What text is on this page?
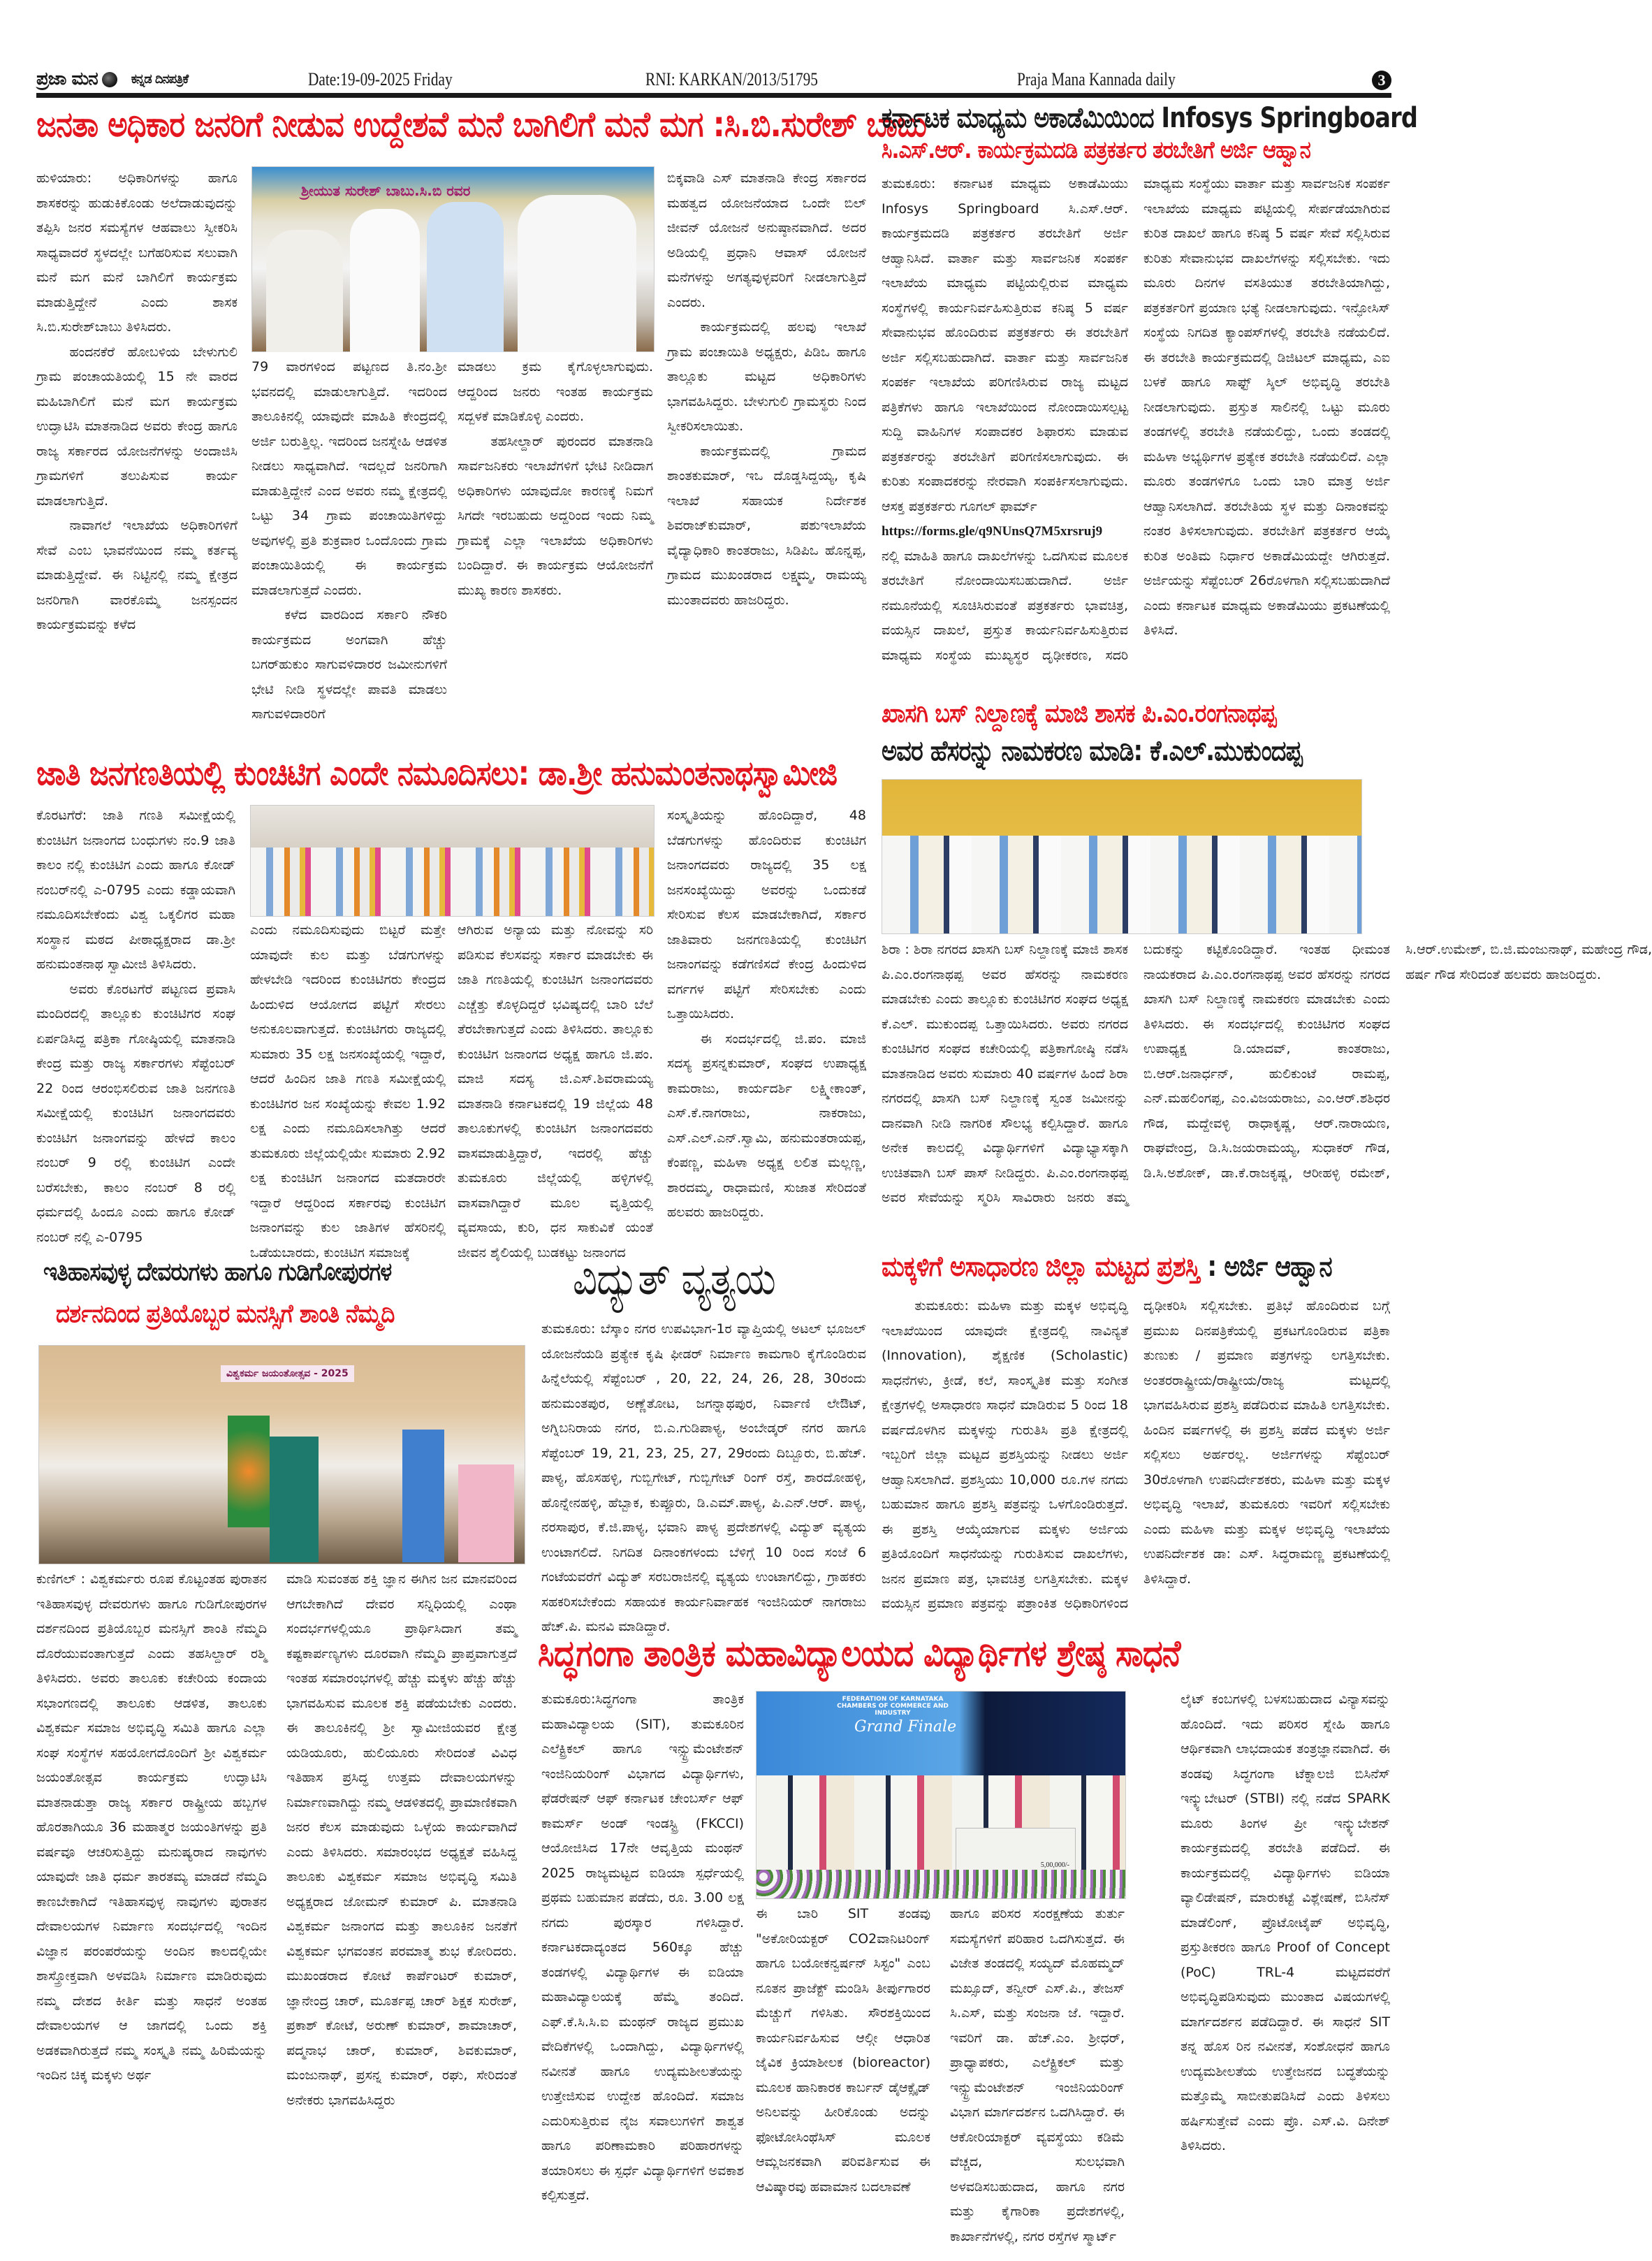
ಪ್ರಜಾ ಮನ	ಕನ್ನಡ ದಿನಪತ್ರಿಕೆ	Date:19-09-2025 Friday	RNI: KARKAN/2013/51795	Praja Mana Kannada daily	3
ಜನತಾ ಅಧಿಕಾರ ಜನರಿಗೆ ನೀಡುವ ಉದ್ದೇಶವೆ ಮನೆ ಬಾಗಿಲಿಗೆ ಮನೆ ಮಗ :ಸಿ.ಬಿ.ಸುರೇಶ್ ಬಾಬು

ಹುಳಿಯಾರು: ಅಧಿಕಾರಿಗಳನ್ನು ಹಾಗೂ ಶಾಸಕರನ್ನು ಹುಡುಕಿಕೊಂಡು ಅಲೆದಾಡುವುದನ್ನು ತಪ್ಪಿಸಿ ಜನರ ಸಮಸ್ಯೆಗಳ ಆಹವಾಲು ಸ್ವೀಕರಿಸಿ ಸಾಧ್ಯವಾದರೆ ಸ್ಥಳದಲ್ಲೇ ಬಗೆಹರಿಸುವ ಸಲುವಾಗಿ ಮನೆ ಮಗ ಮನೆ ಬಾಗಿಲಿಗೆ ಕಾರ್ಯಕ್ರಮ ಮಾಡುತ್ತಿದ್ದೇನೆ ಎಂದು ಶಾಸಕ ಸಿ.ಬಿ.ಸುರೇಶ್‌ಬಾಬು ತಿಳಿಸಿದರು.

ಹಂದನಕೆರೆ ಹೋಬಳಿಯ ಬೇಳುಗುಲಿ ಗ್ರಾಮ ಪಂಚಾಯತಿಯಲ್ಲಿ 15 ನೇ ವಾರದ ಮಹಿಬಾಗಿಲಿಗೆ ಮನೆ ಮಗ ಕಾರ್ಯಕ್ರಮ ಉದ್ಘಾಟಿಸಿ ಮಾತನಾಡಿದ ಅವರು ಕೇಂದ್ರ ಹಾಗೂ ರಾಜ್ಯ ಸರ್ಕಾರದ ಯೋಜನೆಗಳನ್ನು ಅಂದಾಜಿಸಿ ಗ್ರಾಮಗಳಿಗೆ ತಲುಪಿಸುವ ಕಾರ್ಯ ಮಾಡಲಾಗುತ್ತಿದೆ.

ನಾವಾಗಲೆ ಇಲಾಖೆಯ ಅಧಿಕಾರಿಗಳಿಗೆ ಸೇವೆ ಎಂಬ ಭಾವನೆಯಿಂದ ನಮ್ಮ ಕರ್ತವ್ಯ ಮಾಡುತ್ತಿದ್ದೇವೆ. ಈ ನಿಟ್ಟಿನಲ್ಲಿ ನಮ್ಮ ಕ್ಷೇತ್ರದ ಜನರಿಗಾಗಿ ವಾರಕೊಮ್ಮೆ ಜನಸ್ಪಂದನ ಕಾರ್ಯಕ್ರಮವನ್ನು ಕಳೆದ

ಶ್ರೀಯುತ ಸುರೇಶ್ ಬಾಬು.ಸಿ.ಬಿ ರವರ

79 ವಾರಗಳಿಂದ ಪಟ್ಟಣದ ತಿ.ನಂ.ಶ್ರೀ ಭವನದಲ್ಲಿ ಮಾಡುಲಾಗುತ್ತಿದೆ. ಇದರಿಂದ ತಾಲೂಕಿನಲ್ಲಿ ಯಾವುದೇ ಮಾಹಿತಿ ಕೇಂದ್ರದಲ್ಲಿ ಅರ್ಜಿ ಬರುತ್ತಿಲ್ಲ. ಇದರಿಂದ ಜನಸ್ನೇಹಿ ಆಡಳಿತ ನೀಡಲು ಸಾಧ್ಯವಾಗಿದೆ. ಇದಲ್ಲದೆ ಜನರಿಗಾಗಿ ಮಾಡುತ್ತಿದ್ದೇನೆ ಎಂದ ಅವರು ನಮ್ಮ ಕ್ಷೇತ್ರದಲ್ಲಿ ಒಟ್ಟು 34 ಗ್ರಾಮ ಪಂಚಾಯಿತಿಗಳಿದ್ದು ಅವುಗಳಲ್ಲಿ ಪ್ರತಿ ಶುಕ್ರವಾರ ಒಂದೊಂದು ಗ್ರಾಮ ಪಂಚಾಯಿತಿಯಲ್ಲಿ ಈ ಕಾರ್ಯಕ್ರಮ ಮಾಡಲಾಗುತ್ತದೆ ಎಂದರು.

ಕಳೆದ ವಾರದಿಂದ ಸರ್ಕಾರಿ ನೌಕರಿ ಕಾರ್ಯಕ್ರಮದ ಅಂಗವಾಗಿ ಹೆಚ್ಚು ಬಗರ್‌ಹುಕುಂ ಸಾಗುವಳಿದಾರರ ಜಮೀನುಗಳಿಗೆ ಭೇಟಿ ನೀಡಿ ಸ್ಥಳದಲ್ಲೇ ಪಾವತಿ ಮಾಡಲು ಸಾಗುವಳಿದಾರರಿಗೆ

ಮಾಡಲು ಕ್ರಮ ಕೈಗೊಳ್ಳಲಾಗುವುದು. ಆದ್ದರಿಂದ ಜನರು ಇಂತಹ ಕಾರ್ಯಕ್ರಮ ಸದ್ಬಳಕೆ ಮಾಡಿಕೊಳ್ಳಿ ಎಂದರು.

ತಹಸೀಲ್ದಾರ್ ಪುರಂದರ ಮಾತನಾಡಿ ಸಾರ್ವಜನಿಕರು ಇಲಾಖೆಗಳಿಗೆ ಭೇಟಿ ನೀಡಿದಾಗ ಅಧಿಕಾರಿಗಳು ಯಾವುದೋ ಕಾರಣಕ್ಕೆ ನಿಮಗೆ ಸಿಗದೇ ಇರಬಹುದು ಅದ್ದರಿಂದ ಇಂದು ನಿಮ್ಮ ಗ್ರಾಮಕ್ಕೆ ಎಲ್ಲಾ ಇಲಾಖೆಯ ಅಧಿಕಾರಿಗಳು ಬಂದಿದ್ದಾರೆ. ಈ ಕಾರ್ಯಕ್ರಮ ಆಯೋಜನೆಗೆ ಮುಖ್ಯ ಕಾರಣ ಶಾಸಕರು.

ಬಿಕ್ಕವಾಡಿ ಎಸ್ ಮಾತನಾಡಿ ಕೇಂದ್ರ ಸರ್ಕಾರದ ಮಹತ್ವದ ಯೋಜನೆಯಾದ ಒಂದೇ ಬಿಲ್ ಜೀವನ್ ಯೋಜನೆ ಅನುಷ್ಠಾನವಾಗಿದೆ. ಅದರ ಅಡಿಯಲ್ಲಿ ಪ್ರಧಾನಿ ಆವಾಸ್ ಯೋಜನೆ ಮನೆಗಳನ್ನು ಅಗತ್ಯವುಳ್ಳವರಿಗೆ ನೀಡಲಾಗುತ್ತಿದೆ ಎಂದರು.

ಕಾರ್ಯಕ್ರಮದಲ್ಲಿ ಹಲವು ಇಲಾಖೆ ಗ್ರಾಮ ಪಂಚಾಯಿತಿ ಅಧ್ಯಕ್ಷರು, ಪಿಡಿಒ ಹಾಗೂ ತಾಲ್ಲೂಕು ಮಟ್ಟದ ಅಧಿಕಾರಿಗಳು ಭಾಗವಹಿಸಿದ್ದರು. ಬೇಳುಗುಲಿ ಗ್ರಾಮಸ್ಥರು ನಿಂದ ಸ್ವೀಕರಿಸಲಾಯಿತು.

ಕಾರ್ಯಕ್ರಮದಲ್ಲಿ ಗ್ರಾಮದ ಶಾಂತಕುಮಾರ್, ಇಒ ದೊಡ್ಡಸಿದ್ದಯ್ಯ, ಕೃಷಿ ಇಲಾಖೆ ಸಹಾಯಕ ನಿರ್ದೇಶಕ ಶಿವರಾಜ್‌ಕುಮಾರ್, ಪಶುಇಲಾಖೆಯ ವೈದ್ಯಾಧಿಕಾರಿ ಕಾಂತರಾಜು, ಸಿಡಿಪಿಒ ಹೊನ್ನಪ್ಪ, ಗ್ರಾಮದ ಮುಖಂಡರಾದ ಲಕ್ಷ್ಮಮ್ಮ, ರಾಮಯ್ಯ ಮುಂತಾದವರು ಹಾಜರಿದ್ದರು.

ಕರ್ನಾಟಕ ಮಾಧ್ಯಮ ಅಕಾಡೆಮಿಯಿಂದ Infosys Springboard
ಸಿ.ಎಸ್.ಆರ್. ಕಾರ್ಯಕ್ರಮದಡಿ ಪತ್ರಕರ್ತರ ತರಬೇತಿಗೆ ಅರ್ಜಿ ಆಹ್ವಾನ

ತುಮಕೂರು: ಕರ್ನಾಟಕ ಮಾಧ್ಯಮ ಅಕಾಡೆಮಿಯು Infosys Springboard ಸಿ.ಎಸ್.ಆರ್. ಕಾರ್ಯಕ್ರಮದಡಿ ಪತ್ರಕರ್ತರ ತರಬೇತಿಗೆ ಅರ್ಜಿ ಆಹ್ವಾನಿಸಿದೆ. ವಾರ್ತಾ ಮತ್ತು ಸಾರ್ವಜನಿಕ ಸಂಪರ್ಕ ಇಲಾಖೆಯ ಮಾಧ್ಯಮ ಪಟ್ಟಿಯಲ್ಲಿರುವ ಮಾಧ್ಯಮ ಸಂಸ್ಥೆಗಳಲ್ಲಿ ಕಾರ್ಯನಿರ್ವಹಿಸುತ್ತಿರುವ ಕನಿಷ್ಠ 5 ವರ್ಷ ಸೇವಾನುಭವ ಹೊಂದಿರುವ ಪತ್ರಕರ್ತರು ಈ ತರಬೇತಿಗೆ ಅರ್ಜಿ ಸಲ್ಲಿಸಬಹುದಾಗಿದೆ. ವಾರ್ತಾ ಮತ್ತು ಸಾರ್ವಜನಿಕ ಸಂಪರ್ಕ ಇಲಾಖೆಯ ಪರಿಗಣಿಸಿರುವ ರಾಜ್ಯ ಮಟ್ಟದ ಪತ್ರಿಕೆಗಳು ಹಾಗೂ ಇಲಾಖೆಯಿಂದ ನೋಂದಾಯಿಸಲ್ಪಟ್ಟ ಸುದ್ದಿ ವಾಹಿನಿಗಳ ಸಂಪಾದಕರ ಶಿಫಾರಸು ಮಾಡುವ ಪತ್ರಕರ್ತರನ್ನು ತರಬೇತಿಗೆ ಪರಿಗಣಿಸಲಾಗುವುದು. ಈ ಕುರಿತು ಸಂಪಾದಕರನ್ನು ನೇರವಾಗಿ ಸಂಪರ್ಕಿಸಲಾಗುವುದು. ಆಸಕ್ತ ಪತ್ರಕರ್ತರು ಗೂಗಲ್ ಫಾರ್ಮ್

https://forms.gle/q9NUnsQ7M5xrsruj9

ನಲ್ಲಿ ಮಾಹಿತಿ ಹಾಗೂ ದಾಖಲೆಗಳನ್ನು ಒದಗಿಸುವ ಮೂಲಕ ತರಬೇತಿಗೆ ನೋಂದಾಯಿಸಬಹುದಾಗಿದೆ. ಅರ್ಜಿ ನಮೂನೆಯಲ್ಲಿ ಸೂಚಿಸಿರುವಂತೆ ಪತ್ರಕರ್ತರು ಭಾವಚಿತ್ರ, ವಯಸ್ಸಿನ ದಾಖಲೆ, ಪ್ರಸ್ತುತ ಕಾರ್ಯನಿರ್ವಹಿಸುತ್ತಿರುವ ಮಾಧ್ಯಮ ಸಂಸ್ಥೆಯ ಮುಖ್ಯಸ್ಥರ ದೃಢೀಕರಣ, ಸದರಿ ಮಾಧ್ಯಮ ಸಂಸ್ಥೆಯು ವಾರ್ತಾ ಮತ್ತು ಸಾರ್ವಜನಿಕ ಸಂಪರ್ಕ ಇಲಾಖೆಯ ಮಾಧ್ಯಮ ಪಟ್ಟಿಯಲ್ಲಿ ಸೇರ್ಪಡೆಯಾಗಿರುವ ಕುರಿತ ದಾಖಲೆ ಹಾಗೂ ಕನಿಷ್ಠ 5 ವರ್ಷ ಸೇವೆ ಸಲ್ಲಿಸಿರುವ ಕುರಿತು ಸೇವಾನುಭವ ದಾಖಲೆಗಳನ್ನು ಸಲ್ಲಿಸಬೇಕು. ಇದು ಮೂರು ದಿನಗಳ ವಸತಿಯುತ ತರಬೇತಿಯಾಗಿದ್ದು, ಪತ್ರಕರ್ತರಿಗೆ ಪ್ರಯಾಣ ಭತ್ಯೆ ನೀಡಲಾಗುವುದು. ಇನ್ಫೋಸಿಸ್ ಸಂಸ್ಥೆಯ ನಿಗದಿತ ಕ್ಯಾಂಪಸ್‌ಗಳಲ್ಲಿ ತರಬೇತಿ ನಡೆಯಲಿದೆ. ಈ ತರಬೇತಿ ಕಾರ್ಯಕ್ರಮದಲ್ಲಿ ಡಿಜಿಟಲ್ ಮಾಧ್ಯಮ, ಎಐ ಬಳಕೆ ಹಾಗೂ ಸಾಫ್ಟ್ ಸ್ಕಿಲ್ ಅಭಿವೃದ್ಧಿ ತರಬೇತಿ ನೀಡಲಾಗುವುದು. ಪ್ರಸ್ತುತ ಸಾಲಿನಲ್ಲಿ ಒಟ್ಟು ಮೂರು ತಂಡಗಳಲ್ಲಿ ತರಬೇತಿ ನಡೆಯಲಿದ್ದು, ಒಂದು ತಂಡದಲ್ಲಿ ಮಹಿಳಾ ಅಭ್ಯರ್ಥಿಗಳ ಪ್ರತ್ಯೇಕ ತರಬೇತಿ ನಡೆಯಲಿದೆ. ಎಲ್ಲಾ ಮೂರು ತಂಡಗಳಿಗೂ ಒಂದು ಬಾರಿ ಮಾತ್ರ ಅರ್ಜಿ ಆಹ್ವಾನಿಸಲಾಗಿದೆ. ತರಬೇತಿಯ ಸ್ಥಳ ಮತ್ತು ದಿನಾಂಕವನ್ನು ನಂತರ ತಿಳಿಸಲಾಗುವುದು. ತರಬೇತಿಗೆ ಪತ್ರಕರ್ತರ ಆಯ್ಕೆ ಕುರಿತ ಅಂತಿಮ ನಿರ್ಧಾರ ಅಕಾಡೆಮಿಯದ್ದೇ ಆಗಿರುತ್ತದೆ. ಅರ್ಜಿಯನ್ನು ಸೆಪ್ಟೆಂಬರ್ 26ರೊಳಗಾಗಿ ಸಲ್ಲಿಸಬಹುದಾಗಿದೆ ಎಂದು ಕರ್ನಾಟಕ ಮಾಧ್ಯಮ ಅಕಾಡೆಮಿಯು ಪ್ರಕಟಣೆಯಲ್ಲಿ ತಿಳಿಸಿದೆ.

ಜಾತಿ ಜನಗಣತಿಯಲ್ಲಿ ಕುಂಚಿಟಿಗ ಎಂದೇ ನಮೂದಿಸಲು: ಡಾ.ಶ್ರೀ ಹನುಮಂತನಾಥಸ್ವಾಮೀಜಿ

ಕೊರಟಗೆರೆ: ಜಾತಿ ಗಣತಿ ಸಮೀಕ್ಷೆಯಲ್ಲಿ ಕುಂಚಿಟಿಗ ಜನಾಂಗದ ಬಂಧುಗಳು ನಂ.9 ಜಾತಿ ಕಾಲಂ ನಲ್ಲಿ ಕುಂಚಿಟಿಗ ಎಂದು ಹಾಗೂ ಕೋಡ್ ನಂಬರ್‌ನಲ್ಲಿ ಎ-0795 ಎಂದು ಕಡ್ಡಾಯವಾಗಿ ನಮೂದಿಸಬೇಕೆಂದು ವಿಶ್ವ ಒಕ್ಕಲಿಗರ ಮಹಾ ಸಂಸ್ಥಾನ ಮಠದ ಪೀಠಾಧ್ಯಕ್ಷರಾದ ಡಾ.ಶ್ರೀ ಹನುಮಂತನಾಥ ಸ್ವಾಮೀಜಿ ತಿಳಿಸಿದರು.

ಅವರು ಕೊರಟಗೆರೆ ಪಟ್ಟಣದ ಪ್ರವಾಸಿ ಮಂದಿರದಲ್ಲಿ ತಾಲ್ಲೂಕು ಕುಂಚಿಟಿಗರ ಸಂಘ ಏರ್ಪಡಿಸಿದ್ದ ಪತ್ರಿಕಾ ಗೋಷ್ಠಿಯಲ್ಲಿ ಮಾತನಾಡಿ ಕೇಂದ್ರ ಮತ್ತು ರಾಜ್ಯ ಸರ್ಕಾರಗಳು ಸೆಪ್ಟೆಂಬರ್ 22 ರಿಂದ ಆರಂಭಿಸಲಿರುವ ಜಾತಿ ಜನಗಣತಿ ಸಮೀಕ್ಷೆಯಲ್ಲಿ ಕುಂಚಿಟಿಗ ಜನಾಂಗದವರು ಕುಂಚಿಟಿಗ ಜನಾಂಗವನ್ನು ಹೇಳದೆ ಕಾಲಂ ನಂಬರ್ 9 ರಲ್ಲಿ ಕುಂಚಿಟಿಗ ಎಂದೇ ಬರೆಸಬೇಕು, ಕಾಲಂ ನಂಬರ್ 8 ರಲ್ಲಿ ಧರ್ಮದಲ್ಲಿ ಹಿಂದೂ ಎಂದು ಹಾಗೂ ಕೋಡ್ ನಂಬರ್ ನಲ್ಲಿ ಎ-0795

ಎಂದು ನಮೂದಿಸುವುದು ಬಿಟ್ಟರೆ ಮತ್ತೇ ಯಾವುದೇ ಕುಲ ಮತ್ತು ಬೆಡಗುಗಳನ್ನು ಹೇಳಬೇಡಿ ಇದರಿಂದ ಕುಂಚಿಟಿಗರು ಕೇಂದ್ರದ ಹಿಂದುಳಿದ ಆಯೋಗದ ಪಟ್ಟಿಗೆ ಸೇರಲು ಅನುಕೂಲವಾಗುತ್ತದೆ. ಕುಂಚಿಟಿಗರು ರಾಜ್ಯದಲ್ಲಿ ಸುಮಾರು 35 ಲಕ್ಷ ಜನಸಂಖ್ಯೆಯಲ್ಲಿ ಇದ್ದಾರೆ, ಆದರೆ ಹಿಂದಿನ ಜಾತಿ ಗಣತಿ ಸಮೀಕ್ಷೆಯಲ್ಲಿ ಕುಂಚಿಟಿಗರ ಜನ ಸಂಖ್ಯೆಯನ್ನು ಕೇವಲ 1.92 ಲಕ್ಷ ಎಂದು ನಮೂದಿಸಲಾಗಿತ್ತು ಆದರೆ ತುಮಕೂರು ಜಿಲ್ಲೆಯಲ್ಲಿಯೇ ಸುಮಾರು 2.92 ಲಕ್ಷ ಕುಂಚಿಟಿಗ ಜನಾಂಗದ ಮತದಾರರೇ ಇದ್ದಾರೆ ಆದ್ದರಿಂದ ಸರ್ಕಾರವು ಕುಂಚಿಟಿಗ ಜನಾಂಗವನ್ನು ಕುಲ ಜಾತಿಗಳ ಹೆಸರಿನಲ್ಲಿ ಒಡೆಯಬಾರದು, ಕುಂಚಿಟಿಗ ಸಮಾಜಕ್ಕೆ

ಆಗಿರುವ ಅನ್ಯಾಯ ಮತ್ತು ನೋವನ್ನು ಸರಿ ಪಡಿಸುವ ಕೆಲಸವನ್ನು ಸರ್ಕಾರ ಮಾಡಬೇಕು ಈ ಜಾತಿ ಗಣತಿಯಲ್ಲಿ ಕುಂಚಿಟಿಗ ಜನಾಂಗದವರು ಎಚ್ಚೆತ್ತು ಕೊಳ್ಳದಿದ್ದರೆ ಭವಿಷ್ಯದಲ್ಲಿ ಬಾರಿ ಬೆಲೆ ತೆರಬೇಕಾಗುತ್ತದೆ ಎಂದು ತಿಳಿಸಿದರು. ತಾಲ್ಲೂಕು ಕುಂಚಿಟಿಗ ಜನಾಂಗದ ಅಧ್ಯಕ್ಷ ಹಾಗೂ ಜಿ.ಪಂ. ಮಾಜಿ ಸದಸ್ಯ ಜಿ.ಎಸ್.ಶಿವರಾಮಯ್ಯ ಮಾತನಾಡಿ ಕರ್ನಾಟಕದಲ್ಲಿ 19 ಜಿಲ್ಲೆಯ 48 ತಾಲೂಕುಗಳಲ್ಲಿ ಕುಂಚಿಟಿಗ ಜನಾಂಗದವರು ವಾಸಮಾಡುತ್ತಿದ್ದಾರೆ, ಇದರಲ್ಲಿ ಹೆಚ್ಚು ತುಮಕೂರು ಜಿಲ್ಲೆಯಲ್ಲಿ ಹಳ್ಳಿಗಳಲ್ಲಿ ವಾಸವಾಗಿದ್ದಾರೆ ಮೂಲ ವೃತ್ತಿಯಲ್ಲಿ ವ್ಯವಸಾಯ, ಕುರಿ, ಧನ ಸಾಕುವಿಕೆ ಯಂತೆ ಜೀವನ ಶೈಲಿಯಲ್ಲಿ ಬುಡಕಟ್ಟು ಜನಾಂಗದ

ಸಂಸ್ಕೃತಿಯನ್ನು ಹೊಂದಿದ್ದಾರೆ, 48 ಬೆಡಗುಗಳನ್ನು ಹೊಂದಿರುವ ಕುಂಚಿಟಿಗ ಜನಾಂಗದವರು ರಾಜ್ಯದಲ್ಲಿ 35 ಲಕ್ಷ ಜನಸಂಖ್ಯೆಯಿದ್ದು ಅವರನ್ನು ಒಂದುಕಡೆ ಸೇರಿಸುವ ಕೆಲಸ ಮಾಡಬೇಕಾಗಿದೆ, ಸರ್ಕಾರ ಜಾತಿವಾರು ಜನಗಣತಿಯಲ್ಲಿ ಕುಂಚಿಟಿಗ ಜನಾಂಗವನ್ನು ಕಡೆಗಣಿಸದೆ ಕೇಂದ್ರ ಹಿಂದುಳಿದ ವರ್ಗಗಳ ಪಟ್ಟಿಗೆ ಸೇರಿಸಬೇಕು ಎಂದು ಒತ್ತಾಯಿಸಿದರು.

ಈ ಸಂದರ್ಭದಲ್ಲಿ ಜಿ.ಪಂ. ಮಾಜಿ ಸದಸ್ಯ ಪ್ರಸನ್ನಕುಮಾರ್, ಸಂಘದ ಉಪಾಧ್ಯಕ್ಷ ಕಾಮರಾಜು, ಕಾರ್ಯದರ್ಶಿ ಲಕ್ಷ್ಮೀಕಾಂತ್, ಎಸ್.ಕೆ.ನಾಗರಾಜು, ನಾಕರಾಜು, ಎಸ್.ಎಲ್.ಎನ್.ಸ್ವಾಮಿ, ಹನುಮಂತರಾಯಪ್ಪ, ಕೆಂಪಣ್ಣ, ಮಹಿಳಾ ಅಧ್ಯಕ್ಷ ಲಲಿತ ಮಲ್ಲಣ್ಣ, ಶಾರದಮ್ಮ, ರಾಧಾಮಣಿ, ಸುಜಾತ ಸೇರಿದಂತೆ ಹಲವರು ಹಾಜರಿದ್ದರು.

ಖಾಸಗಿ ಬಸ್ ನಿಲ್ದಾಣಕ್ಕೆ ಮಾಜಿ ಶಾಸಕ ಪಿ.ಎಂ.ರಂಗನಾಥಪ್ಪ
ಅವರ ಹೆಸರನ್ನು ನಾಮಕರಣ ಮಾಡಿ: ಕೆ.ಎಲ್.ಮುಕುಂದಪ್ಪ

ಶಿರಾ : ಶಿರಾ ನಗರದ ಖಾಸಗಿ ಬಸ್ ನಿಲ್ದಾಣಕ್ಕೆ ಮಾಜಿ ಶಾಸಕ ಪಿ.ಎಂ.ರಂಗನಾಥಪ್ಪ ಅವರ ಹೆಸರನ್ನು ನಾಮಕರಣ ಮಾಡಬೇಕು ಎಂದು ತಾಲ್ಲೂಕು ಕುಂಚಿಟಿಗರ ಸಂಘದ ಅಧ್ಯಕ್ಷ ಕೆ.ಎಲ್. ಮುಕುಂದಪ್ಪ ಒತ್ತಾಯಿಸಿದರು. ಅವರು ನಗರದ ಕುಂಚಿಟಿಗರ ಸಂಘದ ಕಚೇರಿಯಲ್ಲಿ ಪತ್ರಿಕಾಗೋಷ್ಠಿ ನಡೆಸಿ ಮಾತನಾಡಿದ ಅವರು ಸುಮಾರು 40 ವರ್ಷಗಳ ಹಿಂದೆ ಶಿರಾ ನಗರದಲ್ಲಿ ಖಾಸಗಿ ಬಸ್ ನಿಲ್ದಾಣಕ್ಕೆ ಸ್ವಂತ ಜಮೀನನ್ನು ದಾನವಾಗಿ ನೀಡಿ ನಾಗರಿಕ ಸೌಲಭ್ಯ ಕಲ್ಪಿಸಿದ್ದಾರೆ. ಹಾಗೂ ಅನೇಕ ಕಾಲದಲ್ಲಿ ವಿದ್ಯಾರ್ಥಿಗಳಿಗೆ ವಿದ್ಯಾಭ್ಯಾಸಕ್ಕಾಗಿ ಉಚಿತವಾಗಿ ಬಸ್ ಪಾಸ್ ನೀಡಿದ್ದರು. ಪಿ.ಎಂ.ರಂಗನಾಥಪ್ಪ ಅವರ ಸೇವೆಯನ್ನು ಸ್ಮರಿಸಿ ಸಾವಿರಾರು ಜನರು ತಮ್ಮ ಬದುಕನ್ನು ಕಟ್ಟಿಕೊಂಡಿದ್ದಾರೆ. ಇಂತಹ ಧೀಮಂತ ನಾಯಕರಾದ ಪಿ.ಎಂ.ರಂಗನಾಥಪ್ಪ ಅವರ ಹೆಸರನ್ನು ನಗರದ ಖಾಸಗಿ ಬಸ್ ನಿಲ್ದಾಣಕ್ಕೆ ನಾಮಕರಣ ಮಾಡಬೇಕು ಎಂದು ತಿಳಿಸಿದರು. ಈ ಸಂದರ್ಭದಲ್ಲಿ ಕುಂಚಿಟಿಗರ ಸಂಘದ ಉಪಾಧ್ಯಕ್ಷ ಡಿ.ಯಾದವ್, ಕಾಂತರಾಜು, ಬಿ.ಆರ್.ಜನಾರ್ಧನ್, ಹುಲಿಕುಂಟೆ ರಾಮಪ್ಪ, ಎನ್.ಮಹಲಿಂಗಪ್ಪ, ಎಂ.ವಿಜಯರಾಜು, ಎಂ.ಆರ್.ಶಶಿಧರ ಗೌಡ, ಮದ್ದೇವಳ್ಳಿ ರಾಧಾಕೃಷ್ಣ, ಆರ್.ನಾರಾಯಣ, ರಾಘವೇಂದ್ರ, ಡಿ.ಸಿ.ಜಯರಾಮಯ್ಯ, ಸುಧಾಕರ್ ಗೌಡ, ಡಿ.ಸಿ.ಅಶೋಕ್, ಡಾ.ಕೆ.ರಾಜಕೃಷ್ಣ, ಆರೀಹಳ್ಳಿ ರಮೇಶ್, ಸಿ.ಆರ್.ಉಮೇಶ್, ಬಿ.ಜಿ.ಮಂಜುನಾಥ್, ಮಹೇಂದ್ರ ಗೌಡ, ಹರ್ಷ ಗೌಡ ಸೇರಿದಂತೆ ಹಲವರು ಹಾಜರಿದ್ದರು.

ಇತಿಹಾಸವುಳ್ಳ ದೇವರುಗಳು ಹಾಗೂ ಗುಡಿಗೋಪುರಗಳ
ದರ್ಶನದಿಂದ ಪ್ರತಿಯೊಬ್ಬರ ಮನಸ್ಸಿಗೆ ಶಾಂತಿ ನೆಮ್ಮದಿ
ವಿಶ್ವಕರ್ಮ ಜಯಂತೋತ್ಸವ - 2025

ಕುಣಿಗಲ್ : ವಿಶ್ವಕರ್ಮರು ರೂಪ ಕೊಟ್ಟಂತಹ ಪುರಾತನ ಇತಿಹಾಸವುಳ್ಳ ದೇವರುಗಳು ಹಾಗೂ ಗುಡಿಗೋಪುರಗಳ ದರ್ಶನದಿಂದ ಪ್ರತಿಯೊಬ್ಬರ ಮನಸ್ಸಿಗೆ ಶಾಂತಿ ನೆಮ್ಮದಿ ದೊರೆಯುವಂತಾಗುತ್ತದೆ ಎಂದು ತಹಸಿಲ್ದಾರ್ ರಶ್ಮಿ ತಿಳಿಸಿದರು. ಅವರು ತಾಲೂಕು ಕಚೇರಿಯ ಕಂದಾಯ ಸಭಾಂಗಣದಲ್ಲಿ ತಾಲೂಕು ಆಡಳಿತ, ತಾಲೂಕು ವಿಶ್ವಕರ್ಮ ಸಮಾಜ ಅಭಿವೃದ್ಧಿ ಸಮಿತಿ ಹಾಗೂ ಎಲ್ಲಾ ಸಂಘ ಸಂಸ್ಥೆಗಳ ಸಹಯೋಗದೊಂದಿಗೆ ಶ್ರೀ ವಿಶ್ವಕರ್ಮ ಜಯಂತೋತ್ಸವ ಕಾರ್ಯಕ್ರಮ ಉದ್ಘಾಟಿಸಿ ಮಾತನಾಡುತ್ತಾ ರಾಜ್ಯ ಸರ್ಕಾರ ರಾಷ್ಟ್ರೀಯ ಹಬ್ಬಗಳ ಹೊರತಾಗಿಯೂ 36 ಮಹಾತ್ಮರ ಜಯಂತಿಗಳನ್ನು ಪ್ರತಿ ವರ್ಷವೂ ಆಚರಿಸುತ್ತಿದ್ದು ಮನುಷ್ಯರಾದ ನಾವುಗಳು ಯಾವುದೇ ಜಾತಿ ಧರ್ಮ ತಾರತಮ್ಯ ಮಾಡದೆ ನೆಮ್ಮದಿ ಕಾಣಬೇಕಾಗಿದೆ ಇತಿಹಾಸವುಳ್ಳ ನಾವುಗಳು ಪುರಾತನ ದೇವಾಲಯಗಳ ನಿರ್ಮಾಣ ಸಂದರ್ಭದಲ್ಲಿ ಇಂದಿನ ವಿಜ್ಞಾನ ಪರಂಪರೆಯನ್ನು ಅಂದಿನ ಕಾಲದಲ್ಲಿಯೇ ಶಾಸ್ತ್ರೋಕ್ತವಾಗಿ ಅಳವಡಿಸಿ ನಿರ್ಮಾಣ ಮಾಡಿರುವುದು ನಮ್ಮ ದೇಶದ ಕೀರ್ತಿ ಮತ್ತು ಸಾಧನೆ ಅಂತಹ ದೇವಾಲಯಗಳ ಆ ಜಾಗದಲ್ಲಿ ಒಂದು ಶಕ್ತಿ ಅಡಕವಾಗಿರುತ್ತದೆ ನಮ್ಮ ಸಂಸ್ಕೃತಿ ನಮ್ಮ ಹಿರಿಮೆಯನ್ನು ಇಂದಿನ ಚಿಕ್ಕ ಮಕ್ಕಳು ಅರ್ಥ

ಮಾಡಿ ಸುವಂತಹ ಶಕ್ತಿ ಜ್ಞಾನ ಈಗಿನ ಜನ ಮಾನವರಿಂದ ಆಗಬೇಕಾಗಿದೆ ದೇವರ ಸನ್ನಿಧಿಯಲ್ಲಿ ಎಂಥಾ ಸಂದರ್ಭಗಳಲ್ಲಿಯೂ ಪ್ರಾರ್ಥಿಸಿದಾಗ ತಮ್ಮ ಕಷ್ಟಕಾರ್ಪಣ್ಯಗಳು ದೂರವಾಗಿ ನೆಮ್ಮದಿ ಪ್ರಾಪ್ತವಾಗುತ್ತದೆ ಇಂತಹ ಸಮಾರಂಭಗಳಲ್ಲಿ ಹೆಚ್ಚು ಮಕ್ಕಳು ಹೆಚ್ಚು ಹೆಚ್ಚು ಭಾಗವಹಿಸುವ ಮೂಲಕ ಶಕ್ತಿ ಪಡೆಯಬೇಕು ಎಂದರು. ಈ ತಾಲೂಕಿನಲ್ಲಿ ಶ್ರೀ ಸ್ವಾಮೀಜಿಯವರ ಕ್ಷೇತ್ರ ಯಡಿಯೂರು, ಹುಲಿಯೂರು ಸೇರಿದಂತೆ ವಿವಿಧ ಇತಿಹಾಸ ಪ್ರಸಿದ್ಧ ಉತ್ತಮ ದೇವಾಲಯಗಳನ್ನು ನಿರ್ಮಾಣವಾಗಿದ್ದು ನಮ್ಮ ಆಡಳಿತದಲ್ಲಿ ಪ್ರಾಮಾಣಿಕವಾಗಿ ಜನರ ಕೆಲಸ ಮಾಡುವುದು ಒಳ್ಳೆಯ ಕಾರ್ಯವಾಗಿದೆ ಎಂದು ತಿಳಿಸಿದರು. ಸಮಾರಂಭದ ಅಧ್ಯಕ್ಷತೆ ವಹಿಸಿದ್ದ ತಾಲೂಕು ವಿಶ್ವಕರ್ಮ ಸಮಾಜ ಅಭಿವೃದ್ಧಿ ಸಮಿತಿ ಅಧ್ಯಕ್ಷರಾದ ಜೋಮನ್ ಕುಮಾರ್ ಪಿ. ಮಾತನಾಡಿ ವಿಶ್ವಕರ್ಮ ಜನಾಂಗದ ಮತ್ತು ತಾಲೂಕಿನ ಜನತೆಗೆ ವಿಶ್ವಕರ್ಮ ಭಗವಂತನ ಪರಮಾತ್ಮ ಶುಭ ಕೋರಿದರು. ಮುಖಂಡರಾದ ಕೋಟೆ ಕಾರ್ಪೆಂಟರ್ ಕುಮಾರ್, ಜ್ಞಾನೇಂದ್ರ ಚಾರ್, ಮೂರ್ತಪ್ಪ ಚಾರ್ ಶಿಕ್ಷಕ ಸುರೇಶ್, ಪ್ರಕಾಶ್ ಕೋಟೆ, ಅರುಣ್ ಕುಮಾರ್, ಶಾಮಾಚಾರ್, ಪದ್ಮನಾಭ ಚಾರ್, ಕುಮಾರ್, ಶಿವಕುಮಾರ್, ಮಂಜುನಾಥ್, ಪ್ರಸನ್ನ ಕುಮಾರ್, ರಘು, ಸೇರಿದಂತೆ ಅನೇಕರು ಭಾಗವಹಿಸಿದ್ದರು

ವಿದ್ಯುತ್ ವ್ಯತ್ಯಯ

ತುಮಕೂರು: ಬೆಸ್ಕಾಂ ನಗರ ಉಪವಿಭಾಗ-1ರ ವ್ಯಾಪ್ತಿಯಲ್ಲಿ ಅಟಲ್ ಭೂಜಲ್ ಯೋಜನೆಯಡಿ ಪ್ರತ್ಯೇಕ ಕೃಷಿ ಫೀಡರ್ ನಿರ್ಮಾಣ ಕಾಮಗಾರಿ ಕೈಗೊಂಡಿರುವ ಹಿನ್ನೆಲೆಯಲ್ಲಿ ಸೆಪ್ಟೆಂಬರ್ , 20, 22, 24, 26, 28, 30ರಂದು ಹನುಮಂತಪುರ, ಅಣ್ಣೆತೋಟ, ಜಗನ್ನಾಥಪುರ, ನಿರ್ವಾಣಿ ಲೇಔಟ್, ಅಗ್ನಿಬನಿರಾಯ ನಗರ, ಬಿ.ಎ.ಗುಡಿಪಾಳ್ಯ, ಅಂಬೇಡ್ಕರ್ ನಗರ ಹಾಗೂ ಸೆಪ್ಟೆಂಬರ್ 19, 21, 23, 25, 27, 29ರಂದು ದಿಬ್ಬೂರು, ಬಿ.ಹೆಚ್. ಪಾಳ್ಯ, ಹೊಸಹಳ್ಳಿ, ಗುಬ್ಬಿಗೇಟ್, ಗುಬ್ಬಿಗೇಟ್ ರಿಂಗ್ ರಸ್ತೆ, ಶಾರದೋಹಳ್ಳಿ, ಹೊನ್ನೇನಹಳ್ಳಿ, ಹೆಬ್ಬಾಕ, ಕುಪ್ಪೂರು, ಡಿ.ಎಮ್.ಪಾಳ್ಯ, ಪಿ.ಎನ್.ಆರ್. ಪಾಳ್ಯ, ನರಸಾಪುರ, ಕೆ.ಜಿ.ಪಾಳ್ಯ, ಭವಾನಿ ಪಾಳ್ಯ ಪ್ರದೇಶಗಳಲ್ಲಿ ವಿದ್ಯುತ್ ವ್ಯತ್ಯಯ ಉಂಟಾಗಲಿದೆ. ನಿಗದಿತ ದಿನಾಂಕಗಳಂದು ಬೆಳಿಗ್ಗೆ 10 ರಿಂದ ಸಂಜೆ 6 ಗಂಟೆಯವರೆಗೆ ವಿದ್ಯುತ್ ಸರಬರಾಜಿನಲ್ಲಿ ವ್ಯತ್ಯಯ ಉಂಟಾಗಲಿದ್ದು, ಗ್ರಾಹಕರು ಸಹಕರಿಸಬೇಕೆಂದು ಸಹಾಯಕ ಕಾರ್ಯನಿರ್ವಾಹಕ ಇಂಜಿನಿಯರ್ ನಾಗರಾಜು ಹೆಚ್.ಪಿ. ಮನವಿ ಮಾಡಿದ್ದಾರೆ.

ಮಕ್ಕಳಿಗೆ ಅಸಾಧಾರಣ ಜಿಲ್ಲಾ ಮಟ್ಟದ ಪ್ರಶಸ್ತಿ : ಅರ್ಜಿ ಆಹ್ವಾನ

ತುಮಕೂರು: ಮಹಿಳಾ ಮತ್ತು ಮಕ್ಕಳ ಅಭಿವೃದ್ಧಿ ಇಲಾಖೆಯಿಂದ ಯಾವುದೇ ಕ್ಷೇತ್ರದಲ್ಲಿ ನಾವಿನ್ಯತೆ (Innovation), ಶೈಕ್ಷಣಿಕ (Scholastic) ಸಾಧನೆಗಳು, ಕ್ರೀಡೆ, ಕಲೆ, ಸಾಂಸ್ಕೃತಿಕ ಮತ್ತು ಸಂಗೀತ ಕ್ಷೇತ್ರಗಳಲ್ಲಿ ಅಸಾಧಾರಣ ಸಾಧನೆ ಮಾಡಿರುವ 5 ರಿಂದ 18 ವರ್ಷದೊಳಗಿನ ಮಕ್ಕಳನ್ನು ಗುರುತಿಸಿ ಪ್ರತಿ ಕ್ಷೇತ್ರದಲ್ಲಿ ಇಬ್ಬರಿಗೆ ಜಿಲ್ಲಾ ಮಟ್ಟದ ಪ್ರಶಸ್ತಿಯನ್ನು ನೀಡಲು ಅರ್ಜಿ ಆಹ್ವಾನಿಸಲಾಗಿದೆ. ಪ್ರಶಸ್ತಿಯು 10,000 ರೂ.ಗಳ ನಗದು ಬಹುಮಾನ ಹಾಗೂ ಪ್ರಶಸ್ತಿ ಪತ್ರವನ್ನು ಒಳಗೊಂಡಿರುತ್ತದೆ. ಈ ಪ್ರಶಸ್ತಿ ಆಯ್ಕೆಯಾಗುವ ಮಕ್ಕಳು ಅರ್ಜಿಯ ಪ್ರತಿಯೊಂದಿಗೆ ಸಾಧನೆಯನ್ನು ಗುರುತಿಸುವ ದಾಖಲೆಗಳು, ಜನನ ಪ್ರಮಾಣ ಪತ್ರ, ಭಾವಚಿತ್ರ ಲಗತ್ತಿಸಬೇಕು. ಮಕ್ಕಳ ವಯಸ್ಸಿನ ಪ್ರಮಾಣ ಪತ್ರವನ್ನು ಪತ್ರಾಂಕಿತ ಅಧಿಕಾರಿಗಳಿಂದ ದೃಢೀಕರಿಸಿ ಸಲ್ಲಿಸಬೇಕು. ಪ್ರತಿಭೆ ಹೊಂದಿರುವ ಬಗ್ಗೆ ಪ್ರಮುಖ ದಿನಪತ್ರಿಕೆಯಲ್ಲಿ ಪ್ರಕಟಗೊಂಡಿರುವ ಪತ್ರಿಕಾ ತುಣುಕು / ಪ್ರಮಾಣ ಪತ್ರಗಳನ್ನು ಲಗತ್ತಿಸಬೇಕು. ಅಂತರರಾಷ್ಟ್ರೀಯ/ರಾಷ್ಟ್ರೀಯ/ರಾಜ್ಯ ಮಟ್ಟದಲ್ಲಿ ಭಾಗವಹಿಸಿರುವ ಪ್ರಶಸ್ತಿ ಪಡೆದಿರುವ ಮಾಹಿತಿ ಲಗತ್ತಿಸಬೇಕು. ಹಿಂದಿನ ವರ್ಷಗಳಲ್ಲಿ ಈ ಪ್ರಶಸ್ತಿ ಪಡೆದ ಮಕ್ಕಳು ಅರ್ಜಿ ಸಲ್ಲಿಸಲು ಅರ್ಹರಲ್ಲ. ಅರ್ಜಿಗಳನ್ನು ಸೆಪ್ಟೆಂಬರ್ 30ರೊಳಗಾಗಿ ಉಪನಿರ್ದೇಶಕರು, ಮಹಿಳಾ ಮತ್ತು ಮಕ್ಕಳ ಅಭಿವೃದ್ಧಿ ಇಲಾಖೆ, ತುಮಕೂರು ಇವರಿಗೆ ಸಲ್ಲಿಸಬೇಕು ಎಂದು ಮಹಿಳಾ ಮತ್ತು ಮಕ್ಕಳ ಅಭಿವೃದ್ಧಿ ಇಲಾಖೆಯ ಉಪನಿರ್ದೇಶಕ ಡಾ: ಎಸ್. ಸಿದ್ಧರಾಮಣ್ಣ ಪ್ರಕಟಣೆಯಲ್ಲಿ ತಿಳಿಸಿದ್ದಾರೆ.

ಸಿದ್ಧಗಂಗಾ ತಾಂತ್ರಿಕ ಮಹಾವಿದ್ಯಾಲಯದ ವಿದ್ಯಾರ್ಥಿಗಳ ಶ್ರೇಷ್ಠ ಸಾಧನೆ

ತುಮಕೂರು:ಸಿದ್ಧಗಂಗಾ ತಾಂತ್ರಿಕ ಮಹಾವಿದ್ಯಾಲಯ (SIT), ತುಮಕೂರಿನ ಎಲೆಕ್ಟ್ರಿಕಲ್ ಹಾಗೂ ಇನ್ಸ್ಟ್ರುಮೆಂಟೇಶನ್ ಇಂಜಿನಿಯರಿಂಗ್ ವಿಭಾಗದ ವಿದ್ಯಾರ್ಥಿಗಳು, ಫೆಡರೇಷನ್ ಆಫ್ ಕರ್ನಾಟಕ ಚೇಂಬರ್ಸ್ ಆಫ್ ಕಾಮರ್ಸ್ ಅಂಡ್ ಇಂಡಸ್ಟ್ರಿ (FKCCI) ಆಯೋಜಿಸಿದ 17ನೇ ಆವೃತ್ತಿಯ ಮಂಥನ್ 2025 ರಾಜ್ಯಮಟ್ಟದ ಐಡಿಯಾ ಸ್ಪರ್ಧೆಯಲ್ಲಿ ಪ್ರಥಮ ಬಹುಮಾನ ಪಡೆದು, ರೂ. 3.00 ಲಕ್ಷ ನಗದು ಪುರಸ್ಕಾರ ಗಳಿಸಿದ್ದಾರೆ. ಕರ್ನಾಟಕದಾದ್ಯಂತದ 560ಕ್ಕೂ ಹೆಚ್ಚು ತಂಡಗಳಲ್ಲಿ ವಿದ್ಯಾರ್ಥಿಗಳ ಈ ಐಡಿಯಾ ಮಹಾವಿದ್ಯಾಲಯಕ್ಕೆ ಹೆಮ್ಮೆ ತಂದಿದೆ. ಎಫ್.ಕೆ.ಸಿ.ಸಿ.ಐ ಮಂಥನ್ ರಾಜ್ಯದ ಪ್ರಮುಖ ವೇದಿಕೆಗಳಲ್ಲಿ ಒಂದಾಗಿದ್ದು, ವಿದ್ಯಾರ್ಥಿಗಳಲ್ಲಿ ನವೀನತೆ ಹಾಗೂ ಉದ್ಯಮಶೀಲತೆಯನ್ನು ಉತ್ತೇಜಿಸುವ ಉದ್ದೇಶ ಹೊಂದಿದೆ. ಸಮಾಜ ಎದುರಿಸುತ್ತಿರುವ ನೈಜ ಸವಾಲುಗಳಿಗೆ ಶಾಶ್ವತ ಹಾಗೂ ಪರಿಣಾಮಕಾರಿ ಪರಿಹಾರಗಳನ್ನು ತಯಾರಿಸಲು ಈ ಸ್ಪರ್ಧೆ ವಿದ್ಯಾರ್ಥಿಗಳಿಗೆ ಅವಕಾಶ ಕಲ್ಪಿಸುತ್ತದೆ.

FEDERATION OF KARNATAKA CHAMBERS OF COMMERCE AND INDUSTRY
Grand Finale
5,00,000/-

ಈ ಬಾರಿ SIT ತಂಡವು "ಅಕೋರಿಯಕ್ಟರ್‌ CO2ವಾನಿಟರಿಂಗ್ ಹಾಗೂ ಬಯೋಕನ್ವರ್ಷನ್ ಸಿಸ್ಟಂ" ಎಂಬ ನೂತನ ಪ್ರಾಜೆಕ್ಟ್ ಮಂಡಿಸಿ ತೀರ್ಪುಗಾರರ ಮೆಚ್ಚುಗೆ ಗಳಿಸಿತು. ಸೌರಶಕ್ತಿಯಿಂದ ಕಾರ್ಯನಿರ್ವಹಿಸುವ ಆಲ್ಗೀ ಆಧಾರಿತ ಜೈವಿಕ ಕ್ರಿಯಾಶೀಲಕ (bioreactor) ಮೂಲಕ ಹಾನಿಕಾರಕ ಕಾರ್ಬನ್ ಡೈಆಕ್ಸೈಡ್ ಅನಿಲವನ್ನು ಹೀರಿಕೊಂಡು ಅದನ್ನು ಫೋಟೋಸಿಂಥೆಸಿಸ್ ಮೂಲಕ ಆಮ್ಲಜನಕವಾಗಿ ಪರಿವರ್ತಿಸುವ ಈ ಆವಿಷ್ಕಾರವು ಹವಾಮಾನ ಬದಲಾವಣೆ

ಹಾಗೂ ಪರಿಸರ ಸಂರಕ್ಷಣೆಯ ತುರ್ತು ಸಮಸ್ಯೆಗಳಿಗೆ ಪರಿಹಾರ ಒದಗಿಸುತ್ತದೆ. ಈ ವಿಜೇತ ತಂಡದಲ್ಲಿ ಸಯ್ಯದ್ ಮೊಹಮ್ಮದ್ ಮಖ್ಸೂದ್, ತನ್ವೀರ್ ಎಸ್.ಪಿ., ತೇಜಸ್ ಸಿ.ಎಸ್, ಮತ್ತು ಸಂಜನಾ ಜೆ. ಇದ್ದಾರೆ. ಇವರಿಗೆ ಡಾ. ಹೆಚ್.ಎಂ. ಶ್ರೀಧರ್, ಪ್ರಾಧ್ಯಾಪಕರು, ಎಲೆಕ್ಟ್ರಿಕಲ್ ಮತ್ತು ಇನ್ಸ್ಟ್ರುಮೆಂಟೇಶನ್ ಇಂಜಿನಿಯರಿಂಗ್ ವಿಭಾಗ ಮಾರ್ಗದರ್ಶನ ಒದಗಿಸಿದ್ದಾರೆ. ಈ ಆಕೋರಿಯಾಕ್ಟರ್ ವ್ಯವಸ್ಥೆಯು ಕಡಿಮೆ ವೆಚ್ಚದ, ಸುಲಭವಾಗಿ ಅಳವಡಿಸಬಹುದಾದ, ಹಾಗೂ ನಗರ ಮತ್ತು ಕೈಗಾರಿಕಾ ಪ್ರದೇಶಗಳಲ್ಲಿ, ಕಾರ್ಖಾನೆಗಳಲ್ಲಿ, ನಗರ ರಸ್ತೆಗಳ ಸ್ಮಾರ್ಟ್

ಲೈಟ್ ಕಂಬಗಳಲ್ಲಿ ಬಳಸಬಹುದಾದ ವಿನ್ಯಾಸವನ್ನು ಹೊಂದಿದೆ. ಇದು ಪರಿಸರ ಸ್ನೇಹಿ ಹಾಗೂ ಆರ್ಥಿಕವಾಗಿ ಲಾಭದಾಯಕ ತಂತ್ರಜ್ಞಾನವಾಗಿದೆ. ಈ ತಂಡವು ಸಿದ್ಧಗಂಗಾ ಟೆಕ್ನಾಲಜಿ ಬಿಸಿನೆಸ್ ಇನ್ಕ್ಯುಬೇಟರ್ (STBI) ನಲ್ಲಿ ನಡೆದ SPARK ಮೂರು ತಿಂಗಳ ಪ್ರೀ ಇನ್ಕ್ಯುಬೇಶನ್ ಕಾರ್ಯಕ್ರಮದಲ್ಲಿ ತರಬೇತಿ ಪಡೆದಿದೆ. ಈ ಕಾರ್ಯಕ್ರಮದಲ್ಲಿ ವಿದ್ಯಾರ್ಥಿಗಳು ಐಡಿಯಾ ವ್ಯಾಲಿಡೇಷನ್, ಮಾರುಕಟ್ಟೆ ವಿಶ್ಲೇಷಣೆ, ಬಿಸಿನೆಸ್ ಮಾಡೆಲಿಂಗ್, ಪ್ರೊಟೋಟೈಪ್ ಅಭಿವೃದ್ಧಿ, ಪ್ರಸ್ತುತೀಕರಣ ಹಾಗೂ Proof of Concept (PoC) TRL-4 ಮಟ್ಟದವರೆಗೆ ಅಭಿವೃದ್ಧಿಪಡಿಸುವುದು ಮುಂತಾದ ವಿಷಯಗಳಲ್ಲಿ ಮಾರ್ಗದರ್ಶನ ಪಡೆದಿದ್ದಾರೆ. ಈ ಸಾಧನೆ SIT ತನ್ನ ಹೊಸ ರಿನ ನವೀನತೆ, ಸಂಶೋಧನೆ ಹಾಗೂ ಉದ್ಯಮಶೀಲತೆಯ ಉತ್ತೇಜನದ ಬದ್ಧತೆಯನ್ನು ಮತ್ತೊಮ್ಮೆ ಸಾಬೀತುಪಡಿಸಿದೆ ಎಂದು ತಿಳಿಸಲು ಹರ್ಷಿಸುತ್ತೇವೆ ಎಂದು ಪ್ರೊ. ಎಸ್.ವಿ. ದಿನೇಶ್ ತಿಳಿಸಿದರು.
